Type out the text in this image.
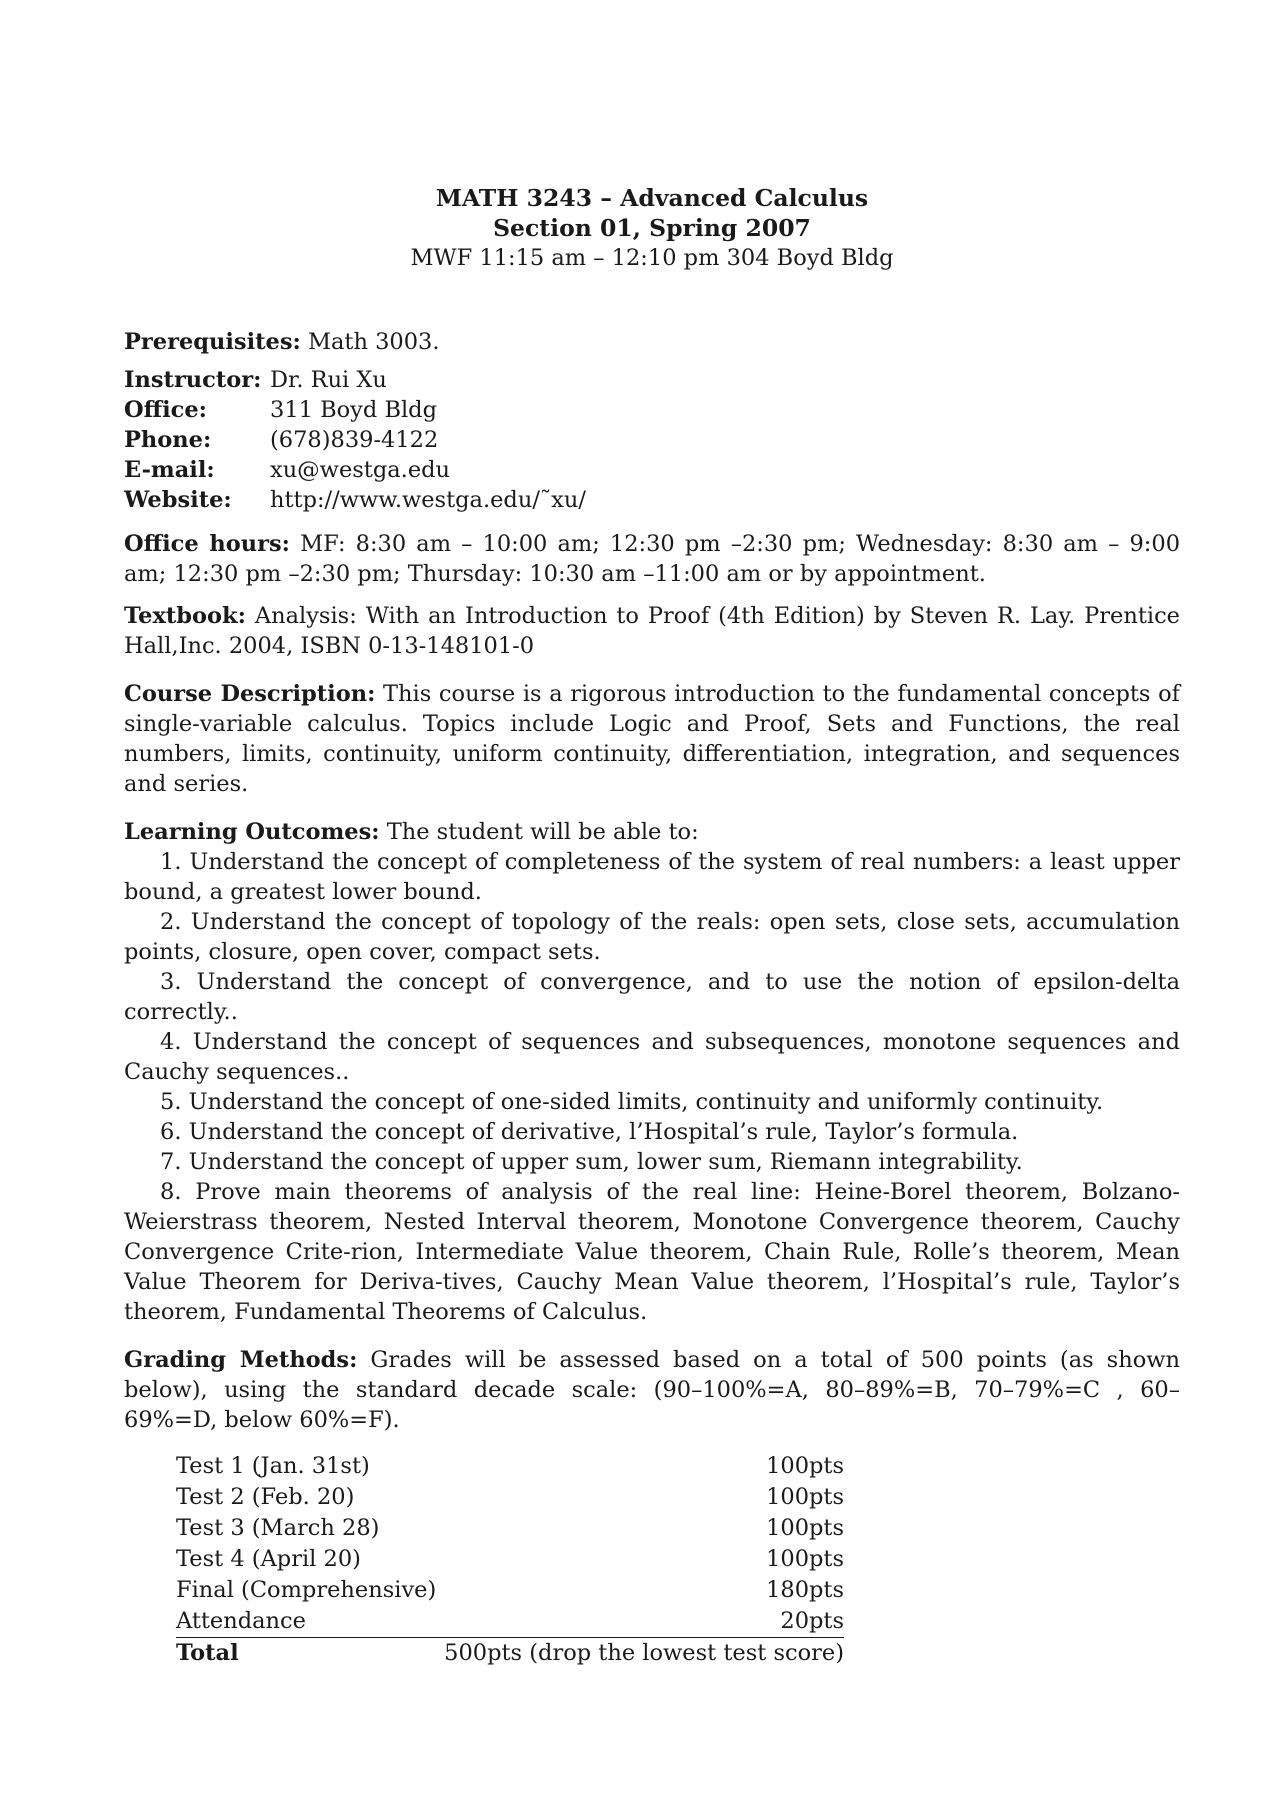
MATH 3243 – Advanced Calculus
Section 01, Spring 2007
MWF 11:15 am – 12:10 pm 304 Boyd Bldg
Prerequisites: Math 3003.
Instructor: Dr. Rui Xu
Office:	311 Boyd Bldg
Phone:	(678)839-4122
E-mail:	xu@westga.edu
Website:	http://www.westga.edu/˜xu/
Office hours: MF: 8:30 am – 10:00 am; 12:30 pm –2:30 pm; Wednesday: 8:30 am – 9:00 am; 12:30 pm –2:30 pm; Thursday: 10:30 am –11:00 am or by appointment.
Textbook: Analysis: With an Introduction to Proof (4th Edition) by Steven R. Lay. Prentice Hall,Inc. 2004, ISBN 0-13-148101-0
Course Description: This course is a rigorous introduction to the fundamental concepts of single-variable calculus. Topics include Logic and Proof, Sets and Functions, the real numbers, limits, continuity, uniform continuity, differentiation, integration, and sequences and series.
Learning Outcomes: The student will be able to:
1. Understand the concept of completeness of the system of real numbers: a least upper bound, a greatest lower bound.
2. Understand the concept of topology of the reals: open sets, close sets, accumulation points, closure, open cover, compact sets.
3. Understand the concept of convergence, and to use the notion of epsilon-delta correctly..
4. Understand the concept of sequences and subsequences, monotone sequences and Cauchy sequences..
5. Understand the concept of one-sided limits, continuity and uniformly continuity.
6. Understand the concept of derivative, l’Hospital’s rule, Taylor’s formula.
7. Understand the concept of upper sum, lower sum, Riemann integrability.
8. Prove main theorems of analysis of the real line: Heine-Borel theorem, Bolzano-Weierstrass theorem, Nested Interval theorem, Monotone Convergence theorem, Cauchy Convergence Crite-rion, Intermediate Value theorem, Chain Rule, Rolle’s theorem, Mean Value Theorem for Deriva-tives, Cauchy Mean Value theorem, l’Hospital’s rule, Taylor’s theorem, Fundamental Theorems of Calculus.
Grading Methods: Grades will be assessed based on a total of 500 points (as shown below), using the standard decade scale: (90–100%=A, 80–89%=B, 70–79%=C , 60–69%=D, below 60%=F).
Test 1 (Jan. 31st)	100pts
Test 2 (Feb. 20)	100pts
Test 3 (March 28)	100pts
Test 4 (April 20)	100pts
Final (Comprehensive)	180pts
Attendance	20pts
Total	500pts (drop the lowest test score)
